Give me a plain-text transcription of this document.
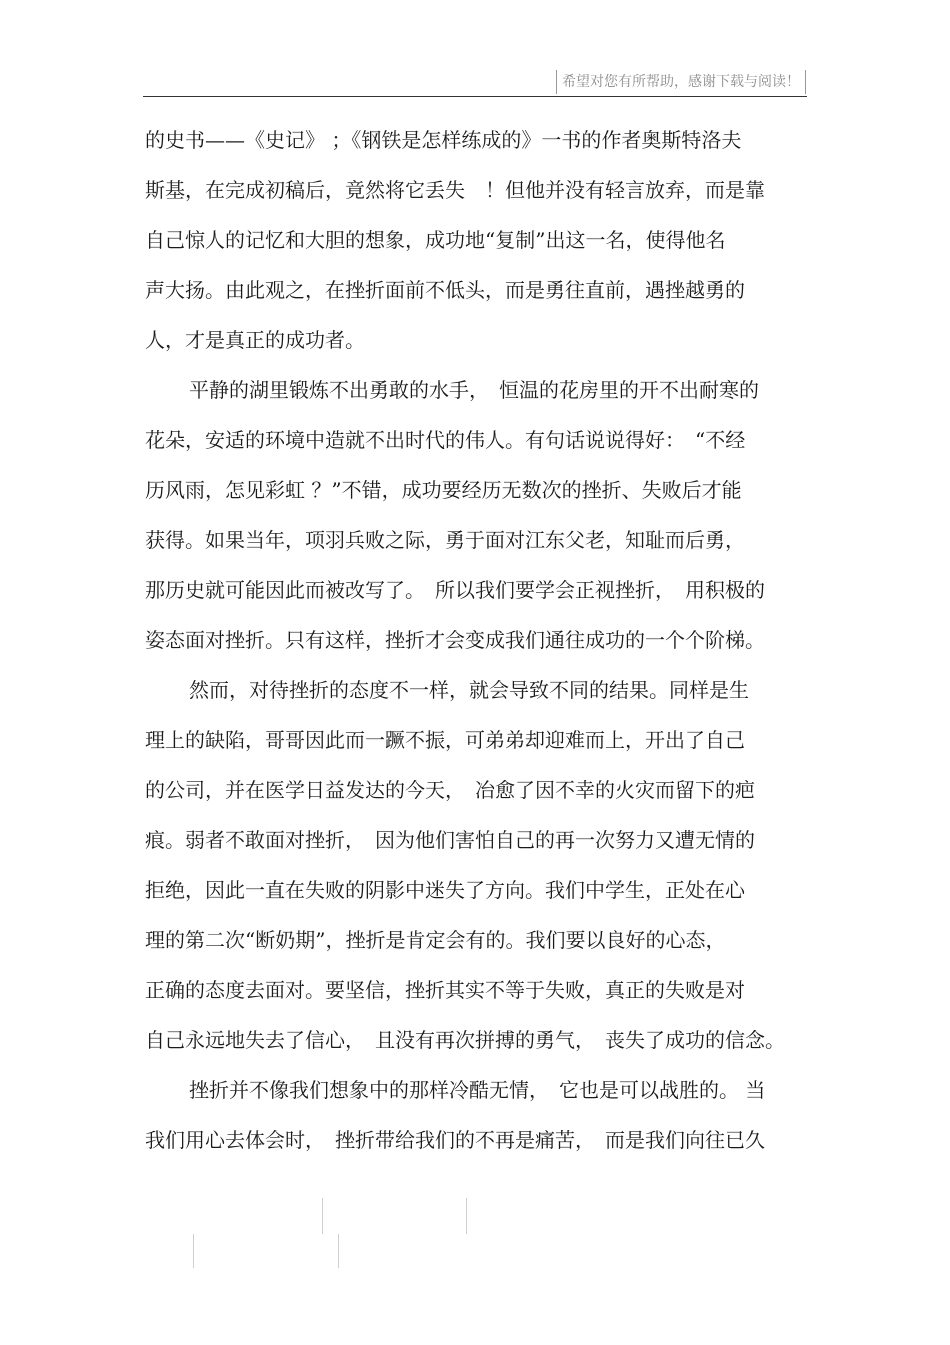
希望对您有所帮助，感谢下载与阅读！
的史书——《史记》 ；《钢铁是怎样练成的》一书的作者奥斯特洛夫
斯基，在完成初稿后，竟然将它丢失　！但他并没有轻言放弃，而是靠
自己惊人的记忆和大胆的想象，成功地“复制”出这一名，使得他名
声大扬。由此观之，在挫折面前不低头，而是勇往直前，遇挫越勇的
人，才是真正的成功者。
平静的湖里锻炼不出勇敢的水手，　恒温的花房里的开不出耐寒的
花朵，安适的环境中造就不出时代的伟人。有句话说说得好：　“不经
历风雨，怎见彩虹 ？”不错，成功要经历无数次的挫折、失败后才能
获得。如果当年，项羽兵败之际，勇于面对江东父老，知耻而后勇，
那历史就可能因此而被改写了。　所以我们要学会正视挫折，　用积极的
姿态面对挫折。只有这样，挫折才会变成我们通往成功的一个个阶梯。
然而，对待挫折的态度不一样，就会导致不同的结果。同样是生
理上的缺陷，哥哥因此而一蹶不振，可弟弟却迎难而上，开出了自己
的公司，并在医学日益发达的今天，　冶愈了因不幸的火灾而留下的疤
痕。弱者不敢面对挫折，　因为他们害怕自己的再一次努力又遭无情的
拒绝，因此一直在失败的阴影中迷失了方向。我们中学生，正处在心
理的第二次“断奶期”，挫折是肯定会有的。我们要以良好的心态，
正确的态度去面对。要坚信，挫折其实不等于失败，真正的失败是对
自己永远地失去了信心，　且没有再次拼搏的勇气，　丧失了成功的信念。
挫折并不像我们想象中的那样冷酷无情，　它也是可以战胜的。 当
我们用心去体会时，　挫折带给我们的不再是痛苦，　而是我们向往已久
